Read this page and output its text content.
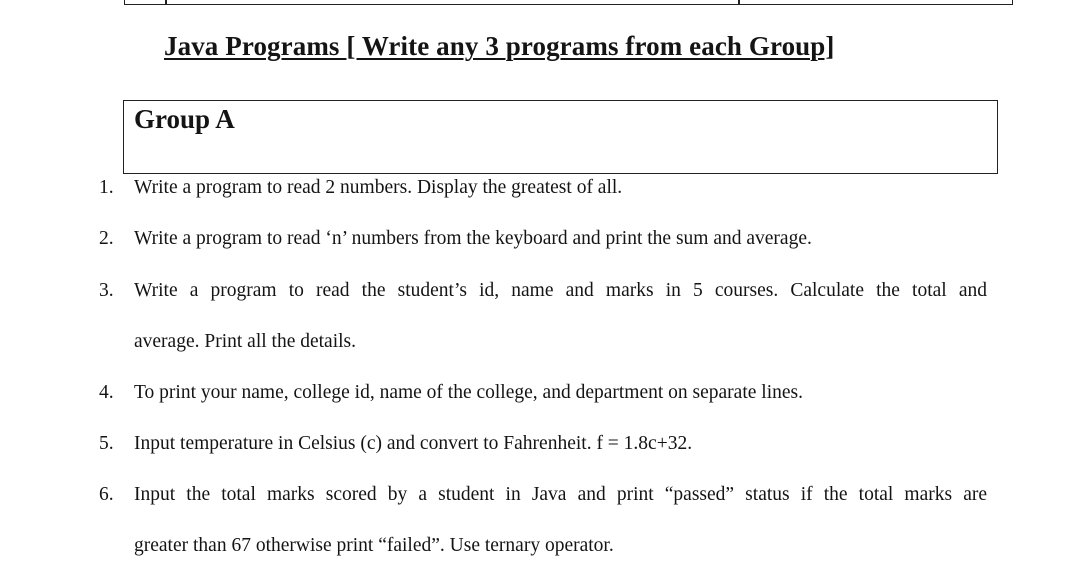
Java Programs [ Write any 3 programs from each Group]
Group A
1. Write a program to read 2 numbers. Display the greatest of all.
2. Write a program to read ‘n’ numbers from the keyboard and print the sum and average.
3. Write a program to read the student’s id, name and marks in 5 courses. Calculate the total and
average. Print all the details.
4. To print your name, college id, name of the college, and department on separate lines.
5. Input temperature in Celsius (c) and convert to Fahrenheit. f = 1.8c+32.
6. Input the total marks scored by a student in Java and print “passed” status if the total marks are
greater than 67 otherwise print “failed”. Use ternary operator.
